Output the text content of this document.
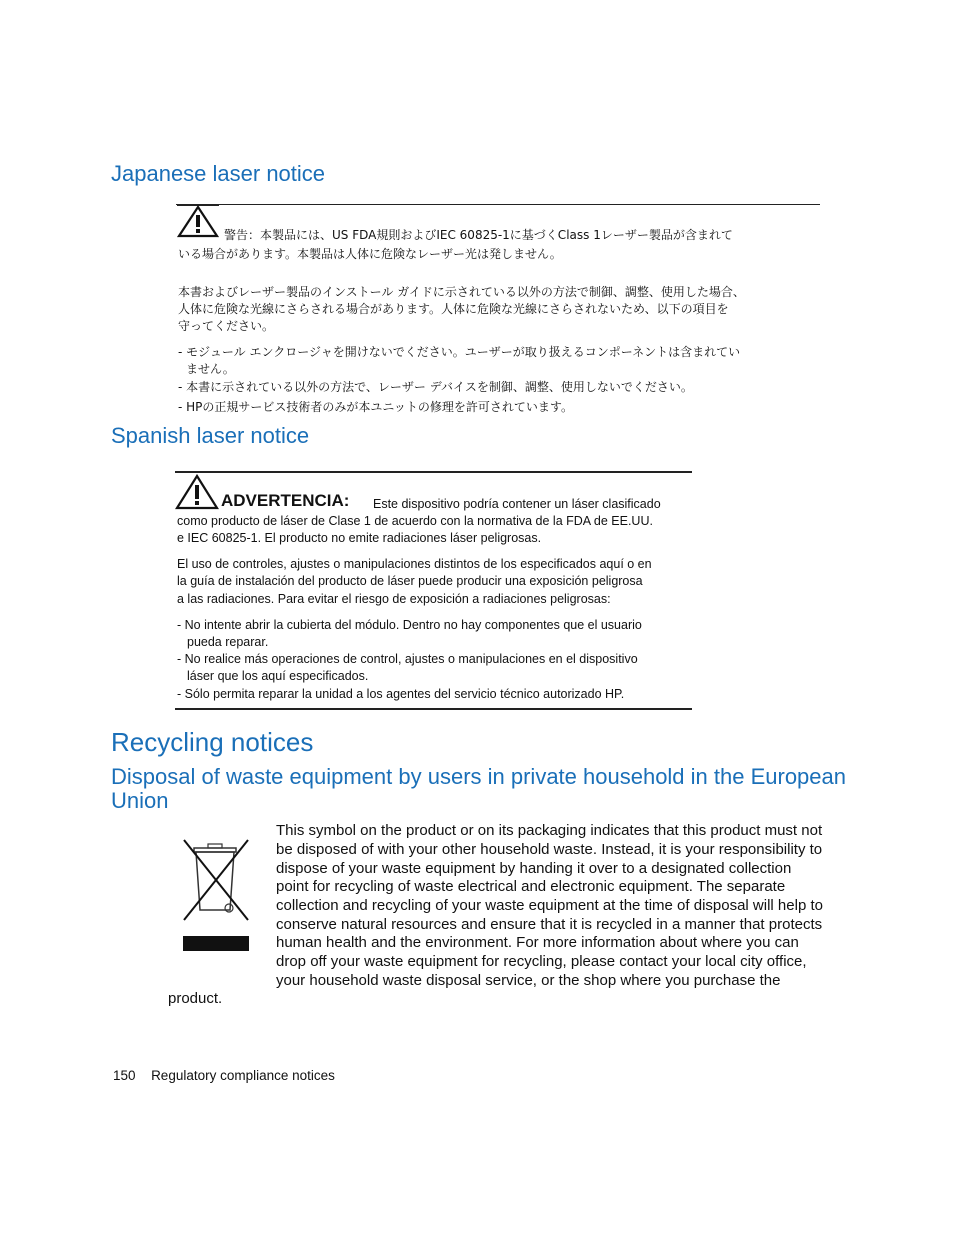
Japanese laser notice
警告：本製品には、US FDA規則およびIEC 60825-1に基づくClass 1レーザー製品が含まれて
いる場合があります。本製品は人体に危険なレーザー光は発しません。
本書およびレーザー製品のインストール ガイドに示されている以外の方法で制御、調整、使用した場合、
人体に危険な光線にさらされる場合があります。人体に危険な光線にさらされないため、以下の項目を
守ってください。
- モジュール エンクロージャを開けないでください。ユーザーが取り扱えるコンポーネントは含まれてい
ません。
- 本書に示されている以外の方法で、レーザー デバイスを制御、調整、使用しないでください。
- HPの正規サービス技術者のみが本ユニットの修理を許可されています。
Spanish laser notice
ADVERTENCIA: Este dispositivo podría contener un láser clasificado
como producto de láser de Clase 1 de acuerdo con la normativa de la FDA de EE.UU.
e IEC 60825-1. El producto no emite radiaciones láser peligrosas.
El uso de controles, ajustes o manipulaciones distintos de los especificados aquí o en
la guía de instalación del producto de láser puede producir una exposición peligrosa
a las radiaciones. Para evitar el riesgo de exposición a radiaciones peligrosas:
- No intente abrir la cubierta del módulo. Dentro no hay componentes que el usuario
pueda reparar.
- No realice más operaciones de control, ajustes o manipulaciones en el dispositivo
láser que los aquí especificados.
- Sólo permita reparar la unidad a los agentes del servicio técnico autorizado HP.
Recycling notices
Disposal of waste equipment by users in private household in the European
Union
This symbol on the product or on its packaging indicates that this product must not
be disposed of with your other household waste. Instead, it is your responsibility to
dispose of your waste equipment by handing it over to a designated collection
point for recycling of waste electrical and electronic equipment. The separate
collection and recycling of your waste equipment at the time of disposal will help to
conserve natural resources and ensure that it is recycled in a manner that protects
human health and the environment. For more information about where you can
drop off your waste equipment for recycling, please contact your local city office,
your household waste disposal service, or the shop where you purchase the
product.
150 Regulatory compliance notices
